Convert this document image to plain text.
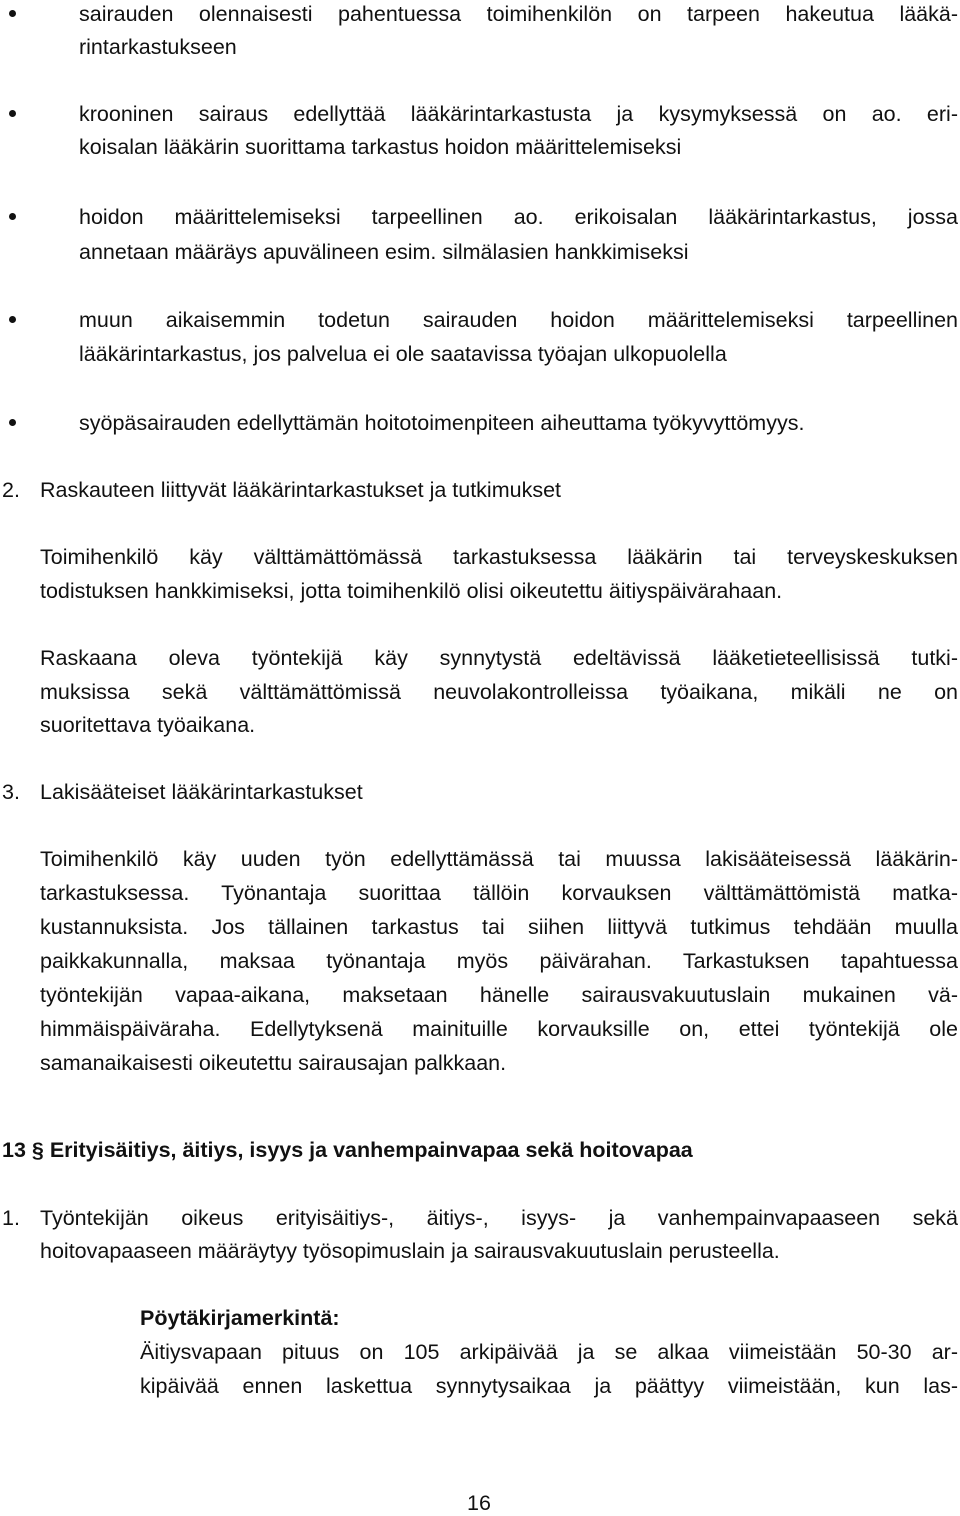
sairauden olennaisesti pahentuessa toimihenkilön on tarpeen hakeutua lääkä-
rintarkastukseen
krooninen sairaus edellyttää lääkärintarkastusta ja kysymyksessä on ao. eri-
koisalan lääkärin suorittama tarkastus hoidon määrittelemiseksi
hoidon määrittelemiseksi tarpeellinen ao. erikoisalan lääkärintarkastus, jossa
annetaan määräys apuvälineen esim. silmälasien hankkimiseksi
muun aikaisemmin todetun sairauden hoidon määrittelemiseksi tarpeellinen
lääkärintarkastus, jos palvelua ei ole saatavissa työajan ulkopuolella
syöpäsairauden edellyttämän hoitotoimenpiteen aiheuttama työkyvyttömyys.
2. Raskauteen liittyvät lääkärintarkastukset ja tutkimukset
Toimihenkilö käy välttämättömässä tarkastuksessa lääkärin tai terveyskeskuksen
todistuksen hankkimiseksi, jotta toimihenkilö olisi oikeutettu äitiyspäivärahaan.
Raskaana oleva työntekijä käy synnytystä edeltävissä lääketieteellisissä tutki-
muksissa sekä välttämättömissä neuvolakontrolleissa työaikana, mikäli ne on
suoritettava työaikana.
3. Lakisääteiset lääkärintarkastukset
Toimihenkilö käy uuden työn edellyttämässä tai muussa lakisääteisessä lääkärin-
tarkastuksessa. Työnantaja suorittaa tällöin korvauksen välttämättömistä matka-
kustannuksista. Jos tällainen tarkastus tai siihen liittyvä tutkimus tehdään muulla
paikkakunnalla, maksaa työnantaja myös päivärahan. Tarkastuksen tapahtuessa
työntekijän vapaa-aikana, maksetaan hänelle sairausvakuutuslain mukainen vä-
himmäispäiväraha. Edellytyksenä mainituille korvauksille on, ettei työntekijä ole
samanaikaisesti oikeutettu sairausajan palkkaan.
13 § Erityisäitiys, äitiys, isyys ja vanhempainvapaa sekä hoitovapaa
1. Työntekijän oikeus erityisäitiys-, äitiys-, isyys- ja vanhempainvapaaseen sekä
hoitovapaaseen määräytyy työsopimuslain ja sairausvakuutuslain perusteella.
Pöytäkirjamerkintä:
Äitiysvapaan pituus on 105 arkipäivää ja se alkaa viimeistään 50-30 ar-
kipäivää ennen laskettua synnytysaikaa ja päättyy viimeistään, kun las-
16
